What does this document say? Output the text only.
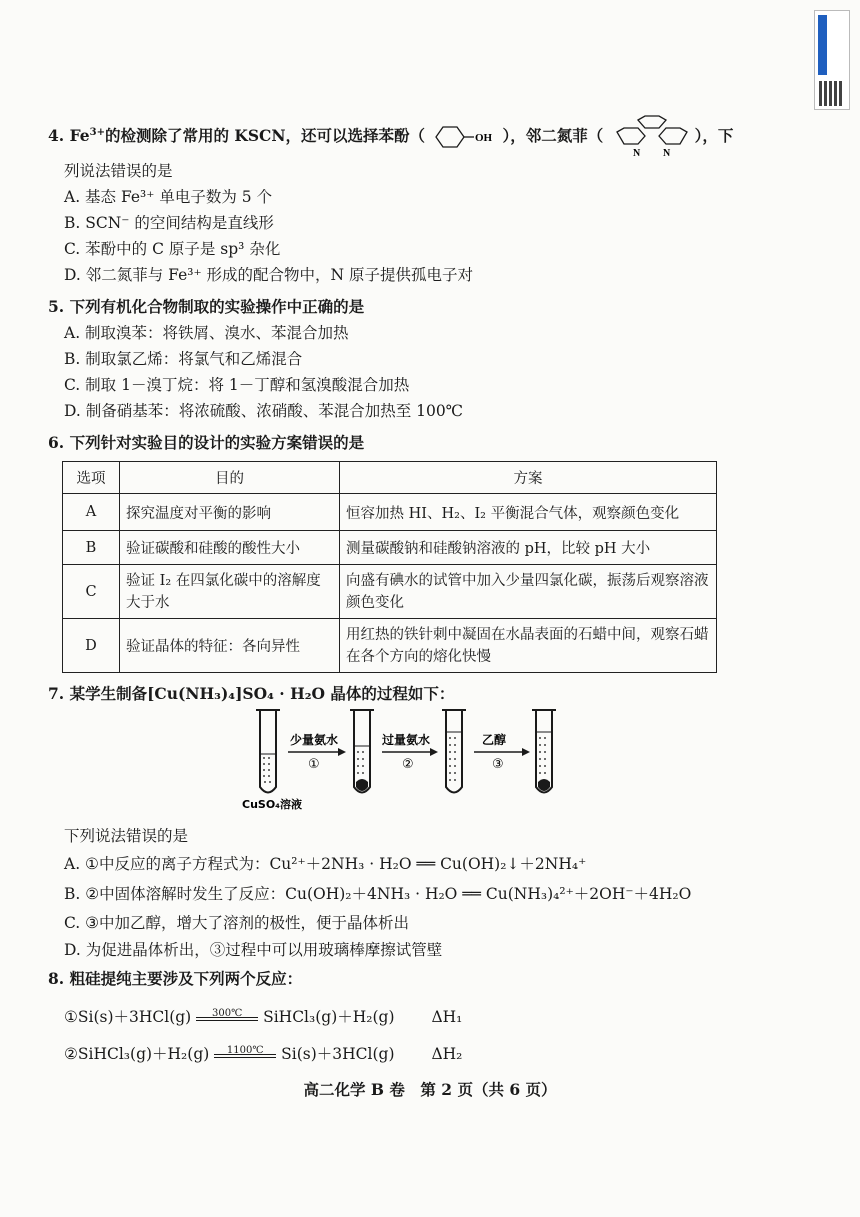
4. $Fe^{3+}$的检测除了常用的 KSCN，还可以选择苯酚（	OH ），邻二氮菲（
N N
），下
列说法错误的是
A. 基态 Fe³⁺ 单电子数为 5 个
B. SCN⁻ 的空间结构是直线形
C. 苯酚中的 C 原子是 sp³ 杂化
D. 邻二氮菲与 Fe³⁺ 形成的配合物中，N 原子提供孤电子对
5. 下列有机化合物制取的实验操作中正确的是
A. 制取溴苯：将铁屑、溴水、苯混合加热
B. 制取氯乙烯：将氯气和乙烯混合
C. 制取 1－溴丁烷：将 1－丁醇和氢溴酸混合加热
D. 制备硝基苯：将浓硫酸、浓硝酸、苯混合加热至 100℃
6. 下列针对实验目的设计的实验方案错误的是
选项	目的	方案
A	探究温度对平衡的影响	恒容加热 HI、H₂、I₂ 平衡混合气体，观察颜色变化
B	验证碳酸和硅酸的酸性大小	测量碳酸钠和硅酸钠溶液的 pH，比较 pH 大小
C	验证 I₂ 在四氯化碳中的溶解度大于水	向盛有碘水的试管中加入少量四氯化碳，振荡后观察溶液颜色变化
D	验证晶体的特征：各向异性	用红热的铁针刺中凝固在水晶表面的石蜡中间，观察石蜡在各个方向的熔化快慢
7. 某学生制备[Cu(NH₃)₄]SO₄ · H₂O 晶体的过程如下：
少量氨水
①
过量氨水
②
乙醇
③
CuSO₄溶液
下列说法错误的是
A. ①中反应的离子方程式为：Cu²⁺＋2NH₃ · H₂O ══ Cu(OH)₂↓＋2NH₄⁺
B. ②中固体溶解时发生了反应：Cu(OH)₂＋4NH₃ · H₂O ══ Cu(NH₃)₄²⁺＋2OH⁻＋4H₂O
C. ③中加乙醇，增大了溶剂的极性，便于晶体析出
D. 为促进晶体析出，③过程中可以用玻璃棒摩擦试管壁
8. 粗硅提纯主要涉及下列两个反应：
①Si(s)＋3HCl(g)	300℃	SiHCl₃(g)＋H₂(g) ΔH₁
②SiHCl₃(g)＋H₂(g)	1100℃	Si(s)＋3HCl(g) ΔH₂
高二化学 B 卷　第 2 页（共 6 页）
